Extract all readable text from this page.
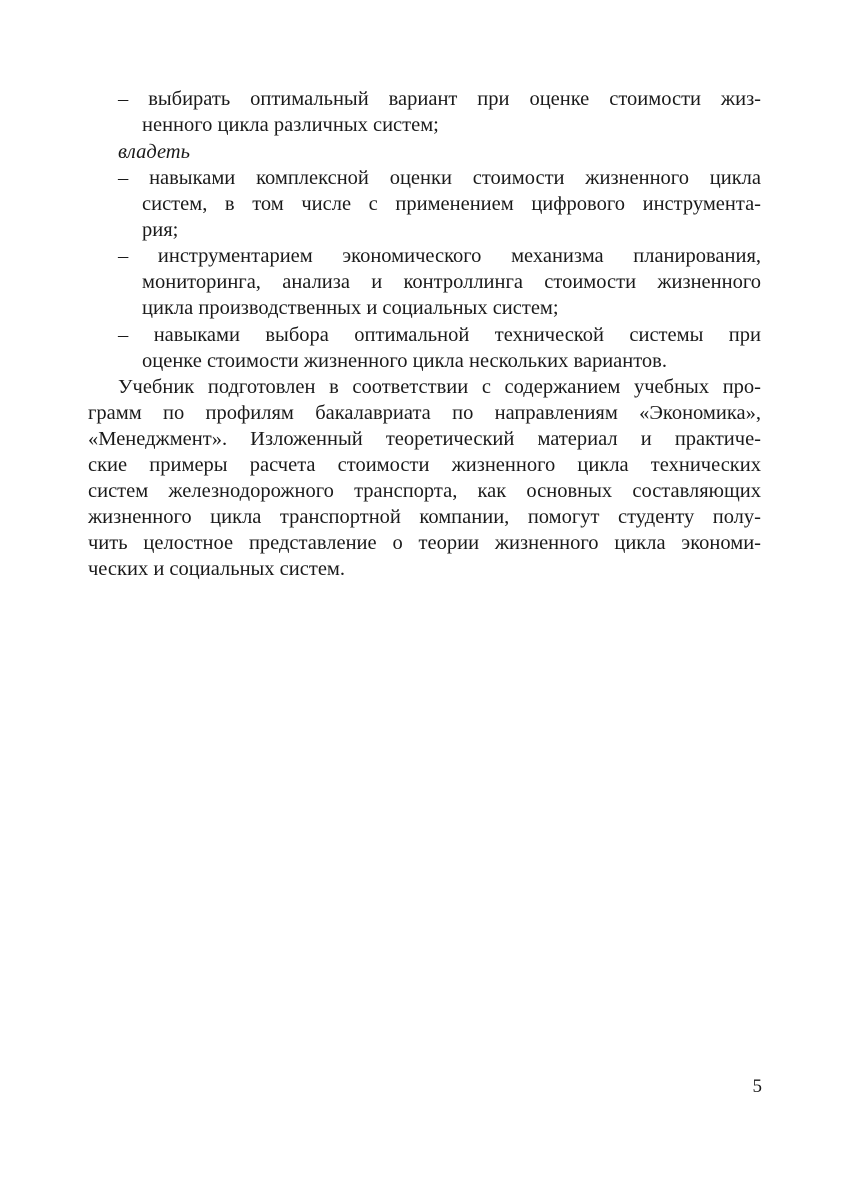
– выбирать оптимальный вариант при оценке стоимости жиз-
ненного цикла различных систем;
владеть
– навыками комплексной оценки стоимости жизненного цикла
систем, в том числе с применением цифрового инструмента-
рия;
– инструментарием экономического механизма планирования,
мониторинга, анализа и контроллинга стоимости жизненного
цикла производственных и социальных систем;
– навыками выбора оптимальной технической системы при
оценке стоимости жизненного цикла нескольких вариантов.
Учебник подготовлен в соответствии с содержанием учебных про-
грамм по профилям бакалавриата по направлениям «Экономика»,
«Менеджмент». Изложенный теоретический материал и практиче-
ские примеры расчета стоимости жизненного цикла технических
систем железнодорожного транспорта, как основных составляющих
жизненного цикла транспортной компании, помогут студенту полу-
чить целостное представление о теории жизненного цикла экономи-
ческих и социальных систем.
5
